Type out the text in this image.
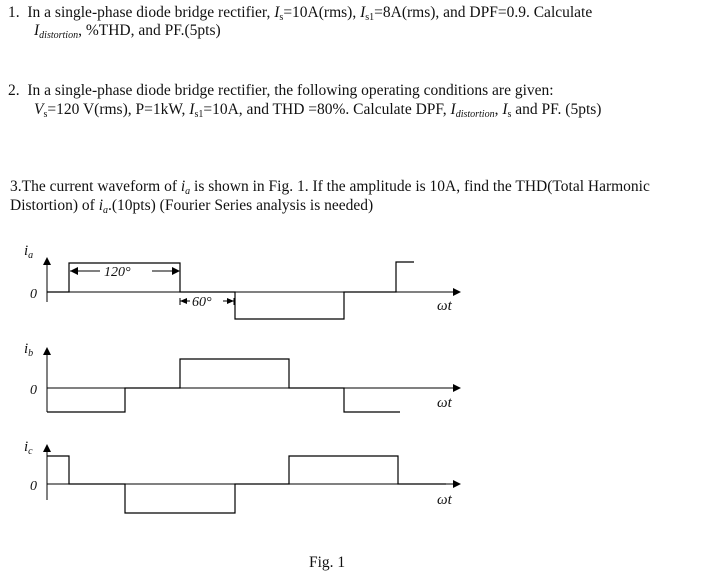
1. In a single-phase diode bridge rectifier, $I_s=10A(rms)$, $I_{s1}=8A(rms)$, and DPF=0.9. Calculate
$I_{distortion}$, %THD, and PF.(5pts)
2. In a single-phase diode bridge rectifier, the following operating conditions are given:
$V_s=120$ V(rms), P=1kW, $I_{s1}=10A$, and THD =80%. Calculate DPF, $I_{distortion}$, $I_s$ and PF. (5pts)
3.The current waveform of $i_a$ is shown in Fig. 1. If the amplitude is 10A, find the THD(Total Harmonic
Distortion) of $i_a.(10pts)$ (Fourier Series analysis is needed)
$i_a$
0
ωt
120°
60°
$i_b$
0
ωt
$i_c$
0
ωt
Fig. 1
